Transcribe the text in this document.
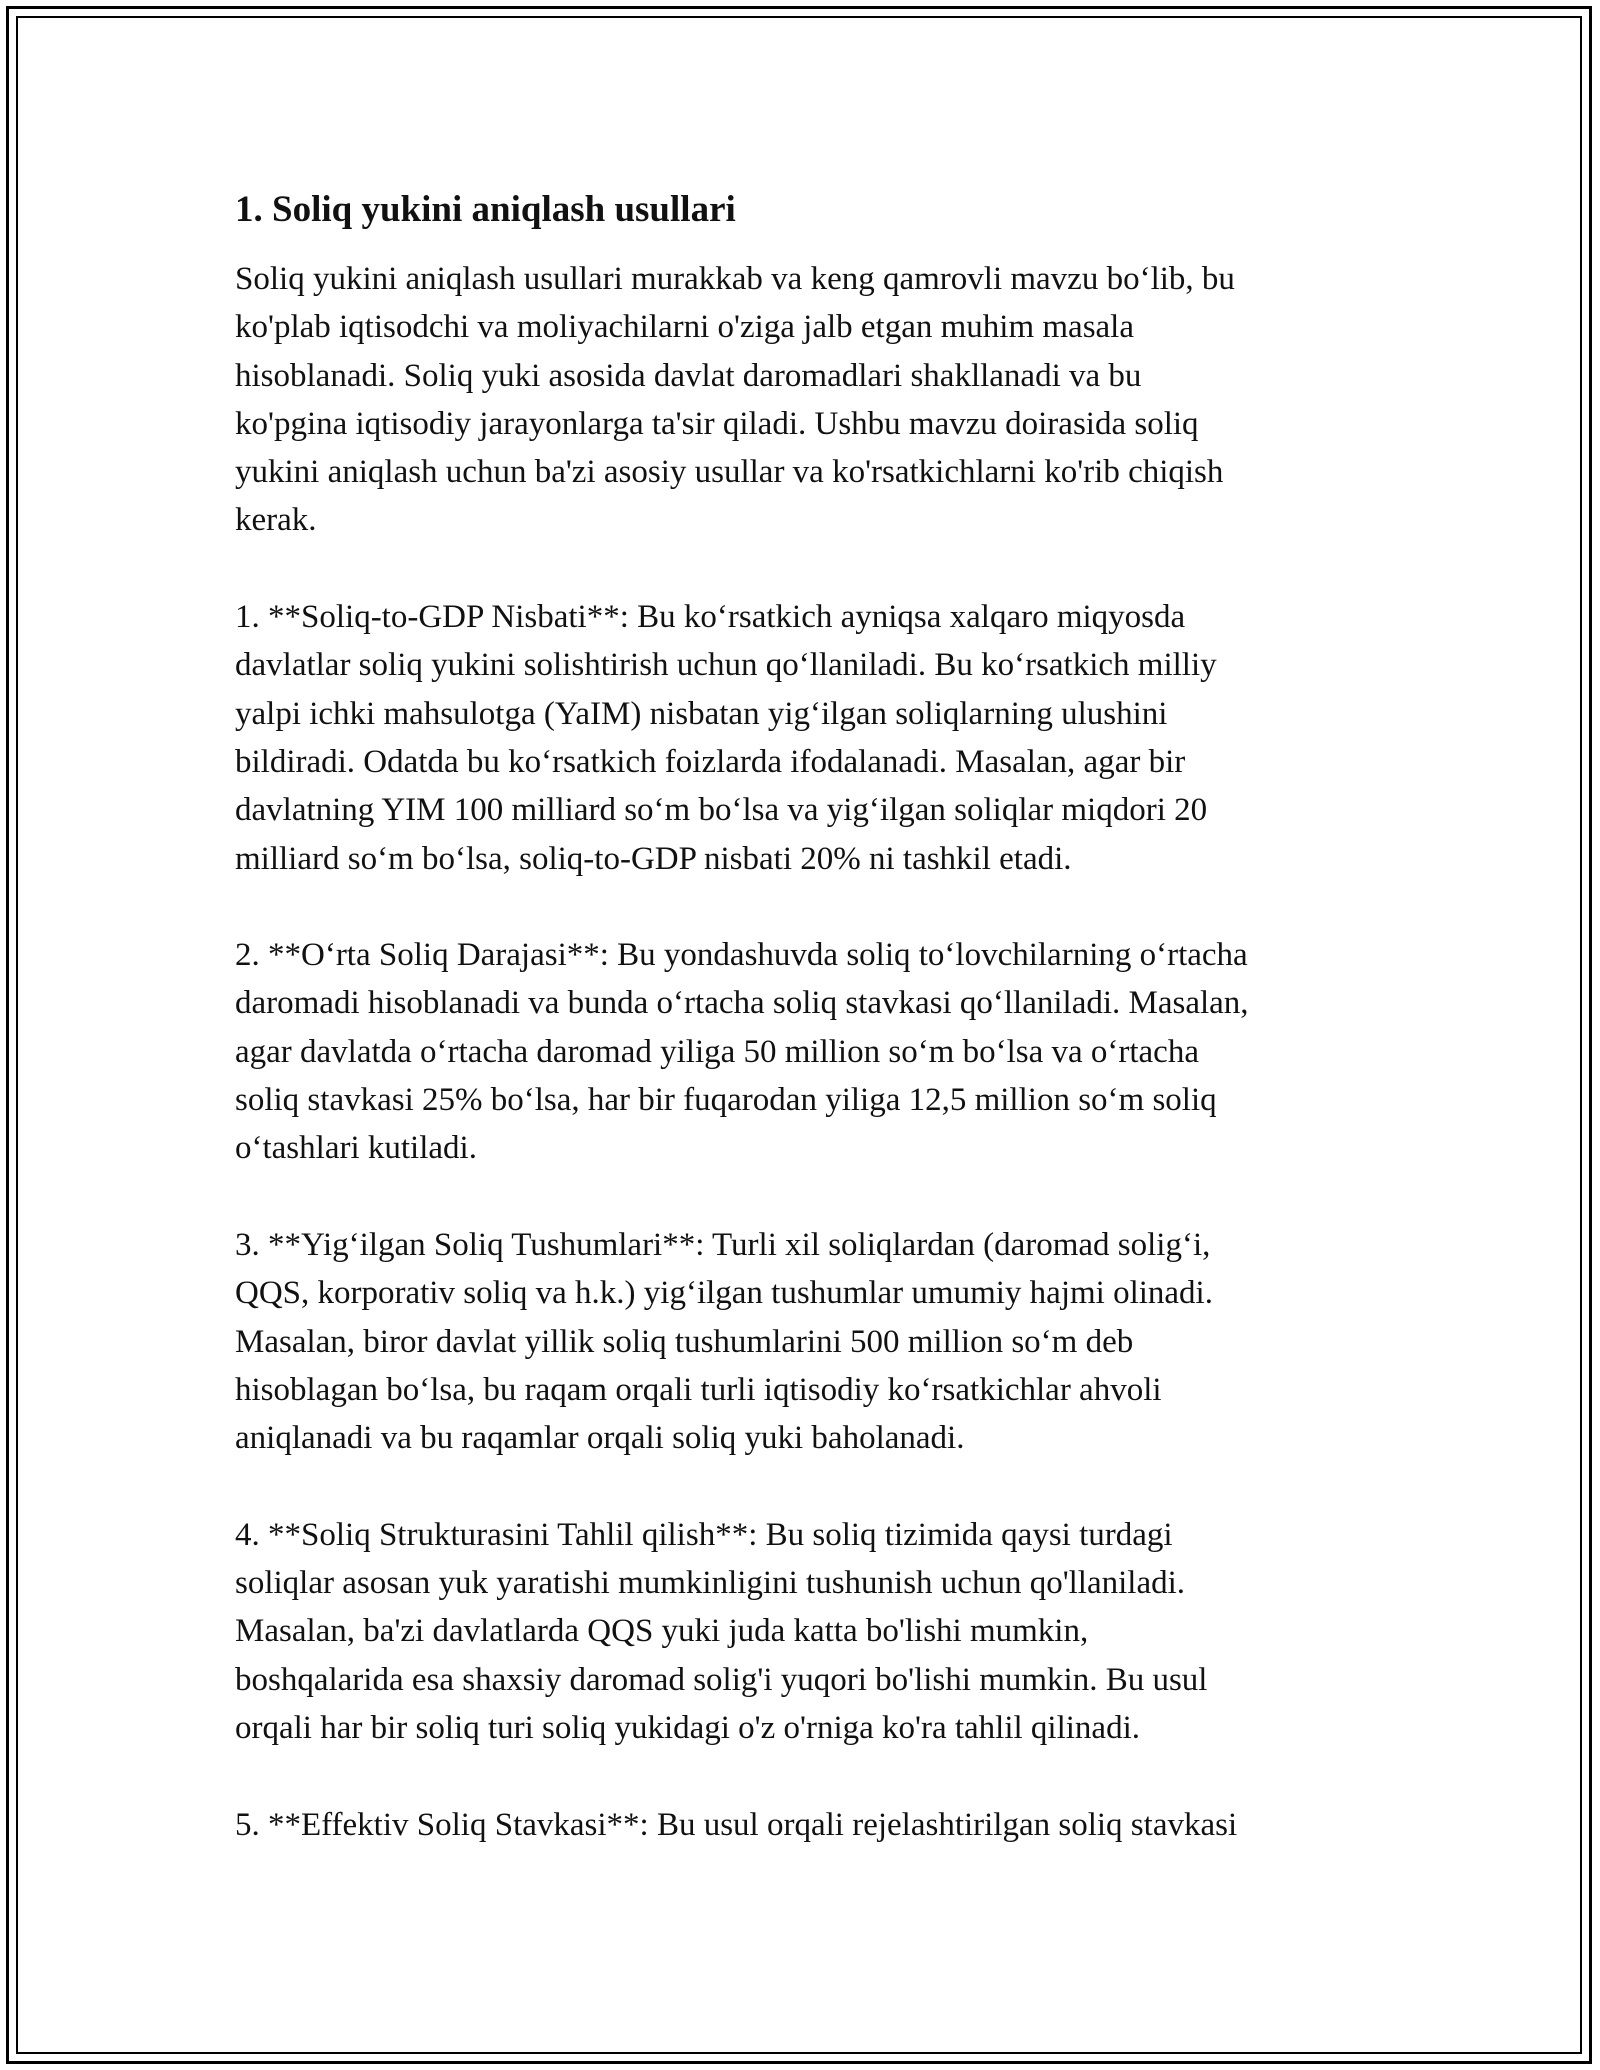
1. Soliq yukini aniqlash usullari

Soliq yukini aniqlash usullari murakkab va keng qamrovli mavzu bo‘lib, bu
ko'plab iqtisodchi va moliyachilarni o'ziga jalb etgan muhim masala
hisoblanadi. Soliq yuki asosida davlat daromadlari shakllanadi va bu
ko'pgina iqtisodiy jarayonlarga ta'sir qiladi. Ushbu mavzu doirasida soliq
yukini aniqlash uchun ba'zi asosiy usullar va ko'rsatkichlarni ko'rib chiqish
kerak.

1. **Soliq-to-GDP Nisbati**: Bu ko‘rsatkich ayniqsa xalqaro miqyosda
davlatlar soliq yukini solishtirish uchun qo‘llaniladi. Bu ko‘rsatkich milliy
yalpi ichki mahsulotga (YaIM) nisbatan yig‘ilgan soliqlarning ulushini
bildiradi. Odatda bu ko‘rsatkich foizlarda ifodalanadi. Masalan, agar bir
davlatning YIM 100 milliard so‘m bo‘lsa va yig‘ilgan soliqlar miqdori 20
milliard so‘m bo‘lsa, soliq-to-GDP nisbati 20% ni tashkil etadi.

2. **O‘rta Soliq Darajasi**: Bu yondashuvda soliq to‘lovchilarning o‘rtacha
daromadi hisoblanadi va bunda o‘rtacha soliq stavkasi qo‘llaniladi. Masalan,
agar davlatda o‘rtacha daromad yiliga 50 million so‘m bo‘lsa va o‘rtacha
soliq stavkasi 25% bo‘lsa, har bir fuqarodan yiliga 12,5 million so‘m soliq
o‘tashlari kutiladi.

3. **Yig‘ilgan Soliq Tushumlari**: Turli xil soliqlardan (daromad solig‘i,
QQS, korporativ soliq va h.k.) yig‘ilgan tushumlar umumiy hajmi olinadi.
Masalan, biror davlat yillik soliq tushumlarini 500 million so‘m deb
hisoblagan bo‘lsa, bu raqam orqali turli iqtisodiy ko‘rsatkichlar ahvoli
aniqlanadi va bu raqamlar orqali soliq yuki baholanadi.

4. **Soliq Strukturasini Tahlil qilish**: Bu soliq tizimida qaysi turdagi
soliqlar asosan yuk yaratishi mumkinligini tushunish uchun qo'llaniladi.
Masalan, ba'zi davlatlarda QQS yuki juda katta bo'lishi mumkin,
boshqalarida esa shaxsiy daromad solig'i yuqori bo'lishi mumkin. Bu usul
orqali har bir soliq turi soliq yukidagi o'z o'rniga ko'ra tahlil qilinadi.

5. **Effektiv Soliq Stavkasi**: Bu usul orqali rejelashtirilgan soliq stavkasi
